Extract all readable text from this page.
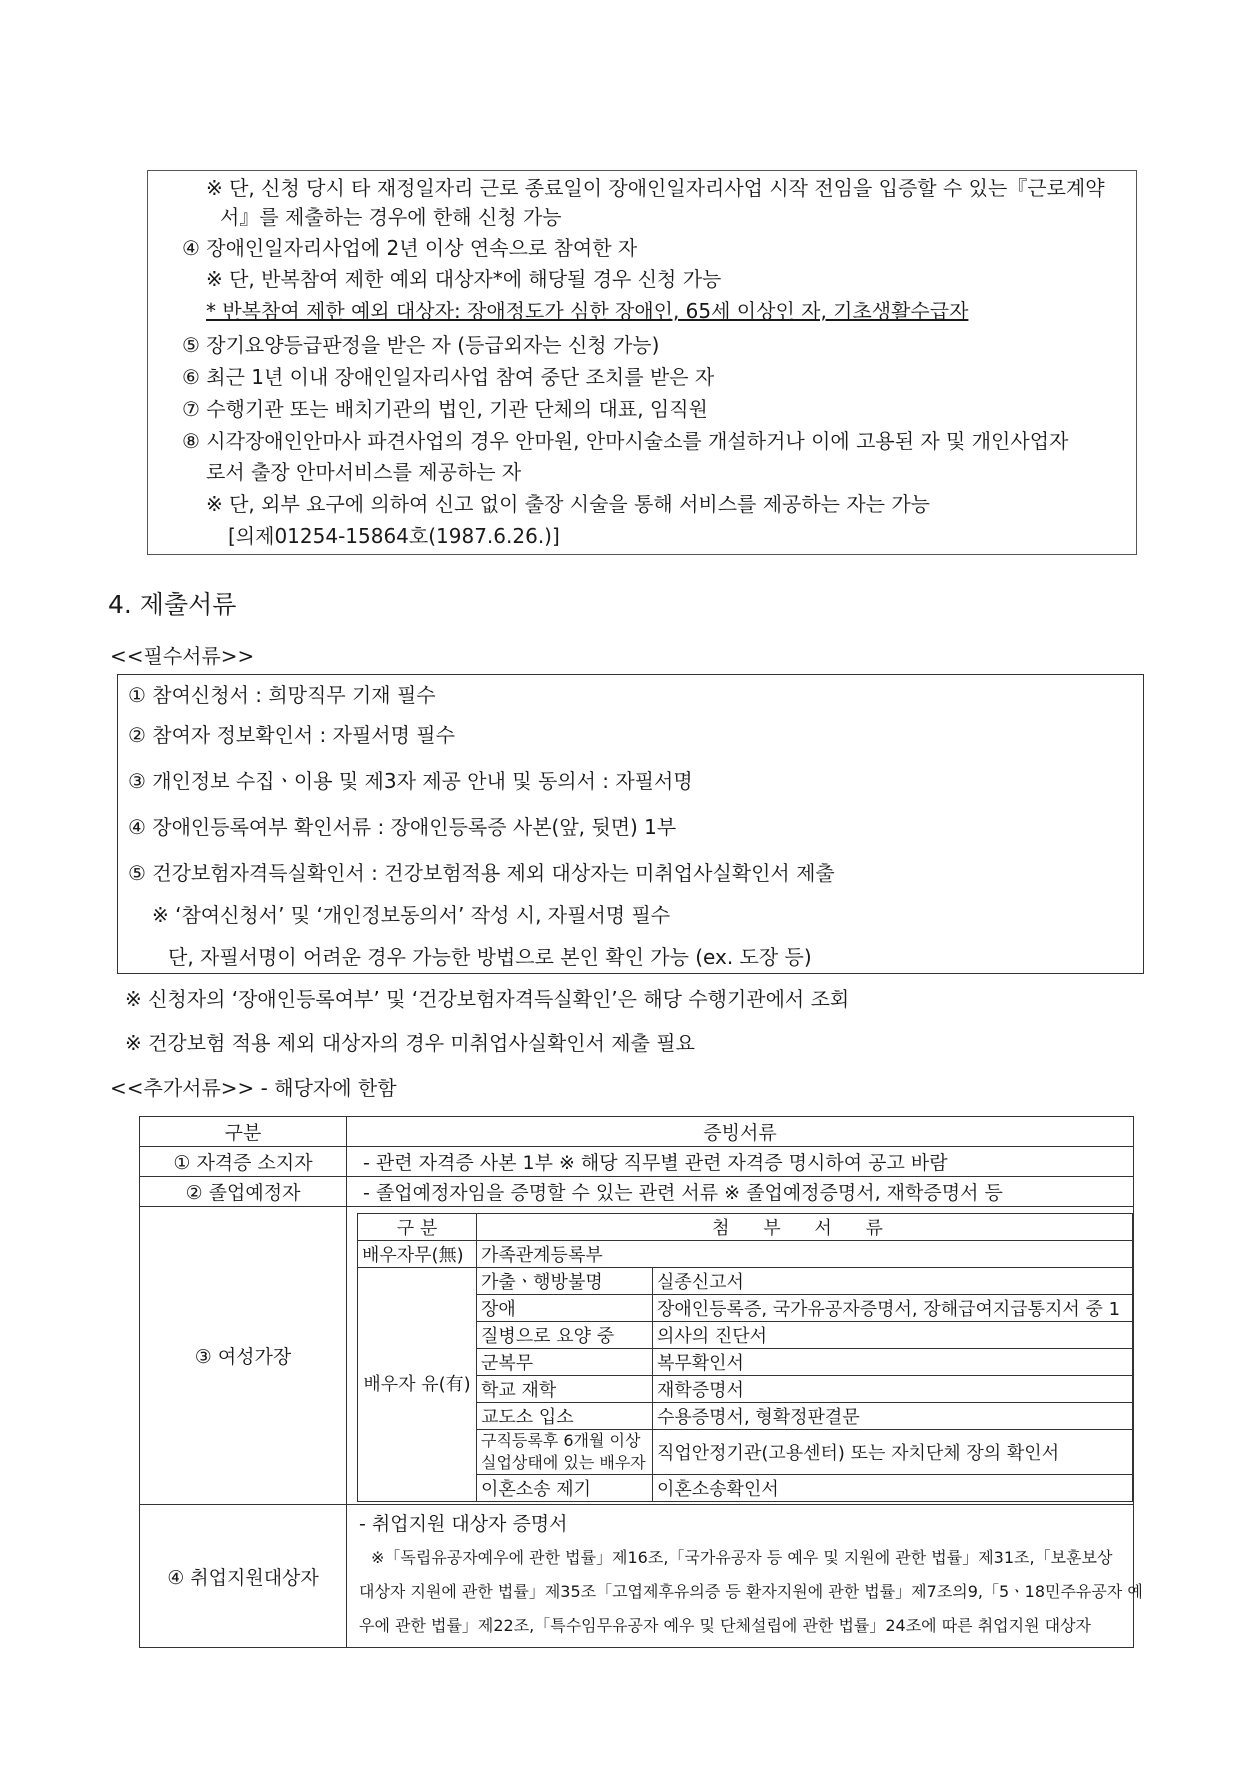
※ 단, 신청 당시 타 재정일자리 근로 종료일이 장애인일자리사업 시작 전임을 입증할 수 있는『근로계약
서』를 제출하는 경우에 한해 신청 가능
④ 장애인일자리사업에 2년 이상 연속으로 참여한 자
※ 단, 반복참여 제한 예외 대상자*에 해당될 경우 신청 가능
* 반복참여 제한 예외 대상자: 장애정도가 심한 장애인, 65세 이상인 자, 기초생활수급자
⑤ 장기요양등급판정을 받은 자 (등급외자는 신청 가능)
⑥ 최근 1년 이내 장애인일자리사업 참여 중단 조치를 받은 자
⑦ 수행기관 또는 배치기관의 법인, 기관 단체의 대표, 임직원
⑧ 시각장애인안마사 파견사업의 경우 안마원, 안마시술소를 개설하거나 이에 고용된 자 및 개인사업자
로서 출장 안마서비스를 제공하는 자
※ 단, 외부 요구에 의하여 신고 없이 출장 시술을 통해 서비스를 제공하는 자는 가능
[의제01254-15864호(1987.6.26.)]
4. 제출서류
<<필수서류>>
① 참여신청서 : 희망직무 기재 필수
② 참여자 정보확인서 : 자필서명 필수
③ 개인정보 수집ㆍ이용 및 제3자 제공 안내 및 동의서 : 자필서명
④ 장애인등록여부 확인서류 : 장애인등록증 사본(앞, 뒷면) 1부
⑤ 건강보험자격득실확인서 : 건강보험적용 제외 대상자는 미취업사실확인서 제출
※ ‘참여신청서’ 및 ‘개인정보동의서’ 작성 시, 자필서명 필수
단, 자필서명이 어려운 경우 가능한 방법으로 본인 확인 가능 (ex. 도장 등)
※ 신청자의 ‘장애인등록여부’ 및 ‘건강보험자격득실확인’은 해당 수행기관에서 조회
※ 건강보험 적용 제외 대상자의 경우 미취업사실확인서 제출 필요
<<추가서류>> - 해당자에 한함
구분	증빙서류
① 자격증 소지자	- 관련 자격증 사본 1부 ※ 해당 직무별 관련 자격증 명시하여 공고 바람
② 졸업예정자	- 졸업예정자임을 증명할 수 있는 관련 서류 ※ 졸업예정증명서, 재학증명서 등
③ 여성가장	
구 분	첨 부 서 류
배우자무(無)	가족관계등록부
배우자 유(有)	가출ㆍ행방불명	실종신고서
장애	장애인등록증, 국가유공자증명서, 장해급여지급통지서 중 1
질병으로 요양 중	의사의 진단서
군복무	복무확인서
학교 재학	재학증명서
교도소 입소	수용증명서, 형확정판결문
구직등록후 6개월 이상 실업상태에 있는 배우자	직업안정기관(고용센터) 또는 자치단체 장의 확인서
이혼소송 제기	이혼소송확인서

④ 취업지원대상자	
- 취업지원 대상자 증명서
※「독립유공자예우에 관한 법률」제16조,「국가유공자 등 예우 및 지원에 관한 법률」제31조,「보훈보상
대상자 지원에 관한 법률」제35조「고엽제후유의증 등 환자지원에 관한 법률」제7조의9,「5ㆍ18민주유공자 예
우에 관한 법률」제22조,「특수임무유공자 예우 및 단체설립에 관한 법률」24조에 따른 취업지원 대상자
